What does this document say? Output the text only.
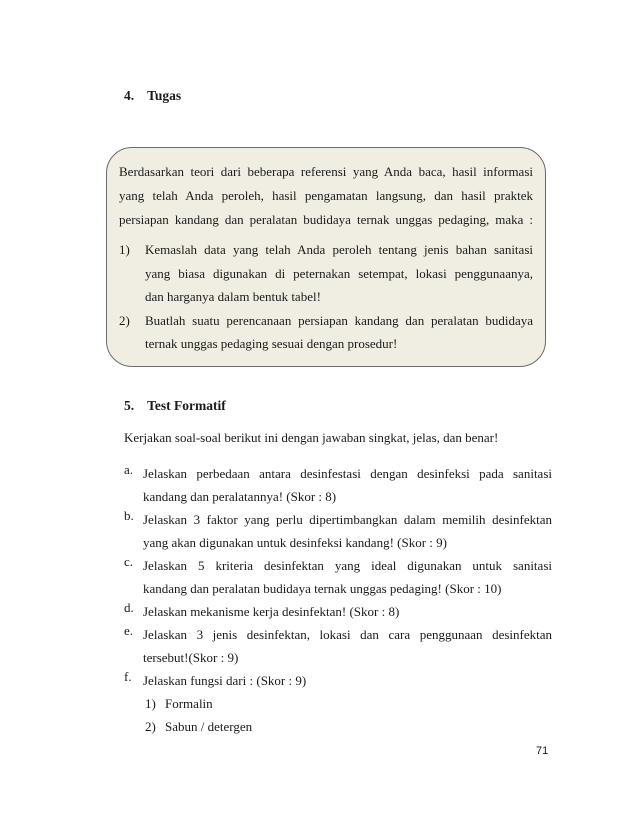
4. Tugas

Berdasarkan teori dari beberapa referensi yang Anda baca, hasil informasi
yang telah Anda peroleh, hasil pengamatan langsung, dan hasil praktek
persiapan kandang dan peralatan budidaya ternak unggas pedaging, maka :

1) Kemaslah data yang telah Anda peroleh tentang jenis bahan sanitasi
yang biasa digunakan di peternakan setempat, lokasi penggunaanya,
dan harganya dalam bentuk tabel!
2) Buatlah suatu perencanaan persiapan kandang dan peralatan budidaya
ternak unggas pedaging sesuai dengan prosedur!
5. Test Formatif
Kerjakan soal-soal berikut ini dengan jawaban singkat, jelas, dan benar!
a. Jelaskan perbedaan antara desinfestasi dengan desinfeksi pada sanitasi
kandang dan peralatannya! (Skor : 8)
b. Jelaskan 3 faktor yang perlu dipertimbangkan dalam memilih desinfektan
yang akan digunakan untuk desinfeksi kandang! (Skor : 9)
c. Jelaskan 5 kriteria desinfektan yang ideal digunakan untuk sanitasi
kandang dan peralatan budidaya ternak unggas pedaging! (Skor : 10)
d. Jelaskan mekanisme kerja desinfektan! (Skor : 8)
e. Jelaskan 3 jenis desinfektan, lokasi dan cara penggunaan desinfektan
tersebut!(Skor : 9)
f. Jelaskan fungsi dari : (Skor : 9)
1) Formalin
2) Sabun / detergen
71
